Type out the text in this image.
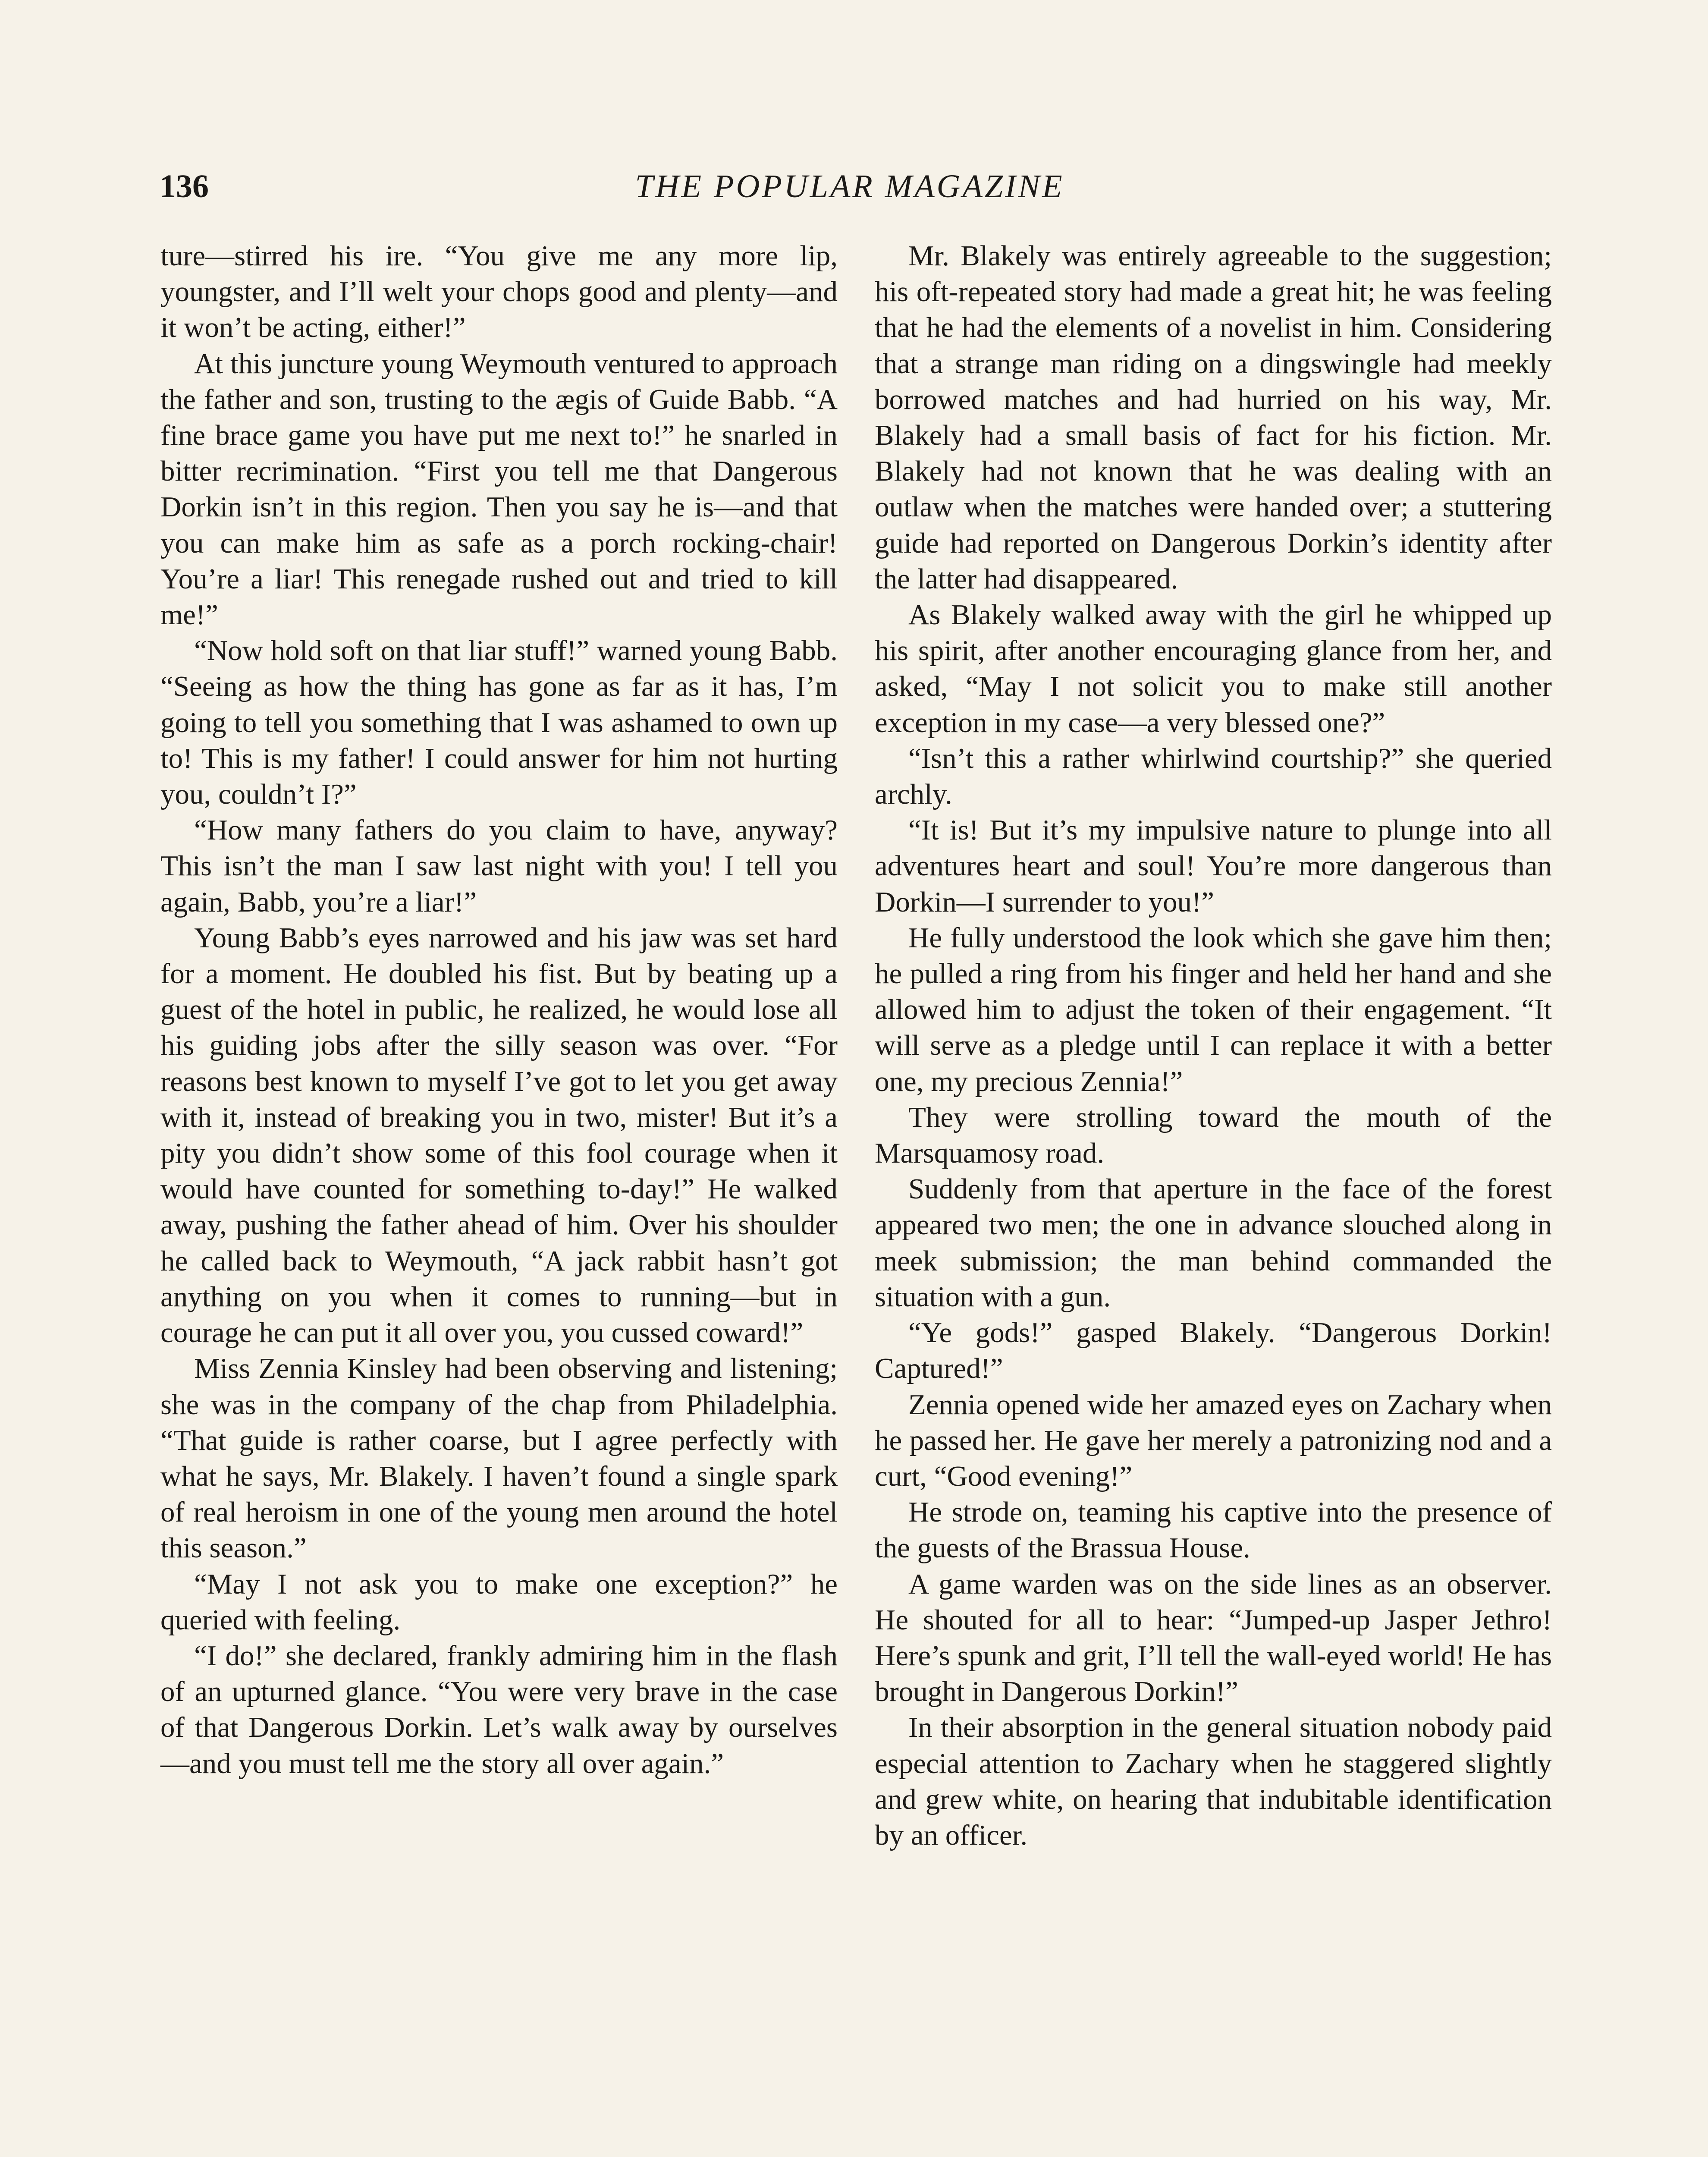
136	THE POPULAR MAGAZINE

ture—stirred his ire. “You give me any more lip, youngster, and I’ll welt your chops good and plenty—and it won’t be acting, either!”

At this juncture young Weymouth ventured to approach the father and son, trusting to the ægis of Guide Babb. “A fine brace game you have put me next to!” he snarled in bitter recrimination. “First you tell me that Dangerous Dorkin isn’t in this region. Then you say he is—and that you can make him as safe as a porch rocking-chair! You’re a liar! This renegade rushed out and tried to kill me!”

“Now hold soft on that liar stuff!” warned young Babb. “Seeing as how the thing has gone as far as it has, I’m going to tell you something that I was ashamed to own up to! This is my father! I could answer for him not hurting you, couldn’t I?”

“How many fathers do you claim to have, anyway? This isn’t the man I saw last night with you! I tell you again, Babb, you’re a liar!”

Young Babb’s eyes narrowed and his jaw was set hard for a moment. He doubled his fist. But by beating up a guest of the hotel in public, he realized, he would lose all his guiding jobs after the silly season was over. “For reasons best known to myself I’ve got to let you get away with it, instead of breaking you in two, mister! But it’s a pity you didn’t show some of this fool courage when it would have counted for something to-day!” He walked away, pushing the father ahead of him. Over his shoulder he called back to Weymouth, “A jack rabbit hasn’t got anything on you when it comes to running—but in courage he can put it all over you, you cussed coward!”

Miss Zennia Kinsley had been observing and listening; she was in the company of the chap from Philadelphia. “That guide is rather coarse, but I agree perfectly with what he says, Mr. Blakely. I haven’t found a single spark of real heroism in one of the young men around the hotel this season.”

“May I not ask you to make one exception?” he queried with feeling.

“I do!” she declared, frankly admiring him in the flash of an upturned glance. “You were very brave in the case of that Dangerous Dorkin. Let’s walk away by ourselves—and you must tell me the story all over again.”

Mr. Blakely was entirely agreeable to the suggestion; his oft-repeated story had made a great hit; he was feeling that he had the elements of a novelist in him. Considering that a strange man riding on a dingswingle had meekly borrowed matches and had hurried on his way, Mr. Blakely had a small basis of fact for his fiction. Mr. Blakely had not known that he was dealing with an outlaw when the matches were handed over; a stuttering guide had reported on Dangerous Dorkin’s identity after the latter had disappeared.

As Blakely walked away with the girl he whipped up his spirit, after another encouraging glance from her, and asked, “May I not solicit you to make still another exception in my case—a very blessed one?”

“Isn’t this a rather whirlwind courtship?” she queried archly.

“It is! But it’s my impulsive nature to plunge into all adventures heart and soul! You’re more dangerous than Dorkin—I surrender to you!”

He fully understood the look which she gave him then; he pulled a ring from his finger and held her hand and she allowed him to adjust the token of their engagement. “It will serve as a pledge until I can replace it with a better one, my precious Zennia!”

They were strolling toward the mouth of the Marsquamosy road.

Suddenly from that aperture in the face of the forest appeared two men; the one in advance slouched along in meek submission; the man behind commanded the situation with a gun.

“Ye gods!” gasped Blakely. “Dangerous Dorkin! Captured!”

Zennia opened wide her amazed eyes on Zachary when he passed her. He gave her merely a patronizing nod and a curt, “Good evening!”

He strode on, teaming his captive into the presence of the guests of the Brassua House.

A game warden was on the side lines as an observer. He shouted for all to hear: “Jumped-up Jasper Jethro! Here’s spunk and grit, I’ll tell the wall-eyed world! He has brought in Dangerous Dorkin!”

In their absorption in the general situation nobody paid especial attention to Zachary when he staggered slightly and grew white, on hearing that indubitable identification by an officer.
